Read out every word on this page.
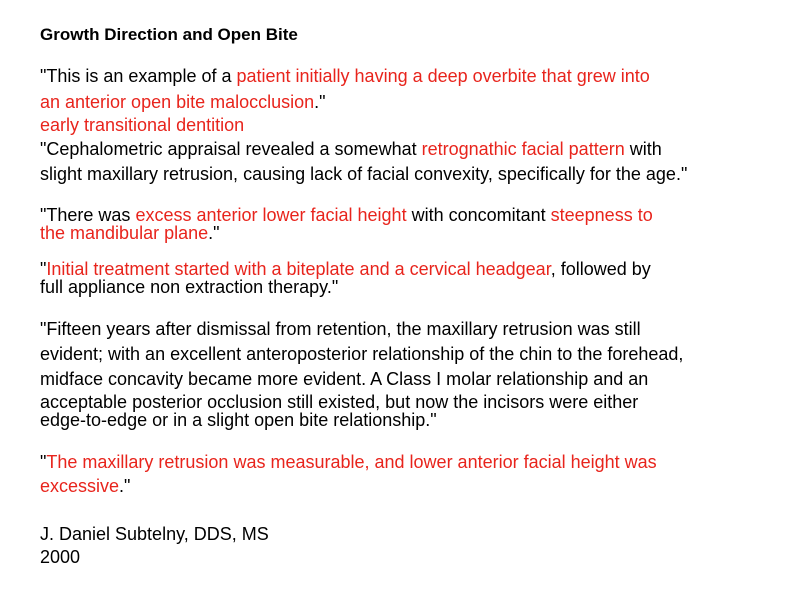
Growth Direction and Open Bite
"This is an example of a patient initially having a deep overbite that grew into
an anterior open bite malocclusion."
early transitional dentition
"Cephalometric appraisal revealed a somewhat retrognathic facial pattern with
slight maxillary retrusion, causing lack of facial convexity, specifically for the age."
"There was excess anterior lower facial height with concomitant steepness to
the mandibular plane."
"Initial treatment started with a biteplate and a cervical headgear, followed by
full appliance non extraction therapy."
"Fifteen years after dismissal from retention, the maxillary retrusion was still
evident; with an excellent anteroposterior relationship of the chin to the forehead,
midface concavity became more evident. A Class I molar relationship and an
acceptable posterior occlusion still existed, but now the incisors were either
edge-to-edge or in a slight open bite relationship."
"The maxillary retrusion was measurable, and lower anterior facial height was
excessive."
J. Daniel Subtelny, DDS, MS
2000
